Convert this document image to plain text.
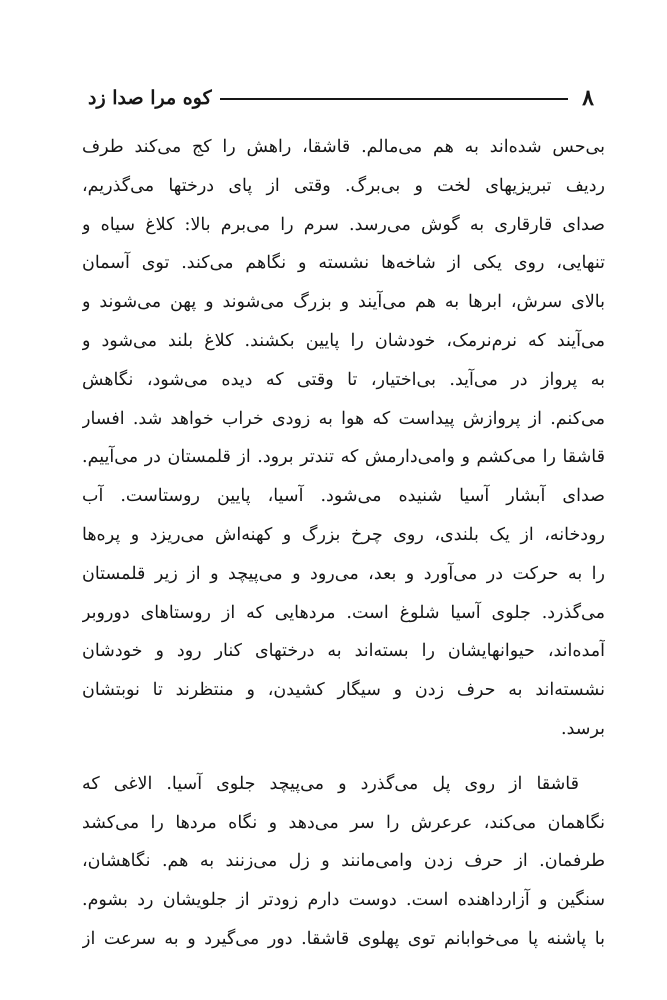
۸
کوه مرا صدا زد
بی‌حس شده‌اند به هم می‌مالم. قاشقا، راهش را کج می‌کند طرف
ردیف تبریزیهای لخت و بی‌برگ. وقتی از پای درختها می‌گذریم،
صدای قارقاری به گوش می‌رسد. سرم را می‌برم بالا: کلاغ سیاه و
تنهایی، روی یکی از شاخه‌ها نشسته و نگاهم می‌کند. توی آسمان
بالای سرش، ابرها به هم می‌آیند و بزرگ می‌شوند و پهن می‌شوند و
می‌آیند که نرم‌نرمک، خودشان را پایین بکشند. کلاغ بلند می‌شود و
به پرواز در می‌آید. بی‌اختیار، تا وقتی که دیده می‌شود، نگاهش
می‌کنم. از پروازش پیداست که هوا به زودی خراب خواهد شد. افسار
قاشقا را می‌کشم و وامی‌دارمش که تندتر برود. از قلمستان در می‌آییم.
صدای آبشار آسیا شنیده می‌شود. آسیا، پایین روستاست. آب
رودخانه، از یک بلندی، روی چرخ بزرگ و کهنه‌اش می‌ریزد و پره‌ها
را به حرکت در می‌آورد و بعد، می‌رود و می‌پیچد و از زیر قلمستان
می‌گذرد. جلوی آسیا شلوغ است. مردهایی که از روستاهای دوروبر
آمده‌اند، حیوانهایشان را بسته‌اند به درختهای کنار رود و خودشان
نشسته‌اند به حرف زدن و سیگار کشیدن، و منتظرند تا نوبتشان
برسد.
قاشقا از روی پل می‌گذرد و می‌پیچد جلوی آسیا. الاغی که
نگاهمان می‌کند، عرعرش را سر می‌دهد و نگاه مردها را می‌کشد
طرفمان. از حرف زدن وامی‌مانند و زل می‌زنند به هم. نگاهشان،
سنگین و آزارداهنده است. دوست دارم زودتر از جلویشان رد بشوم.
با پاشنه پا می‌خوابانم توی پهلوی قاشقا. دور می‌گیرد و به سرعت از
